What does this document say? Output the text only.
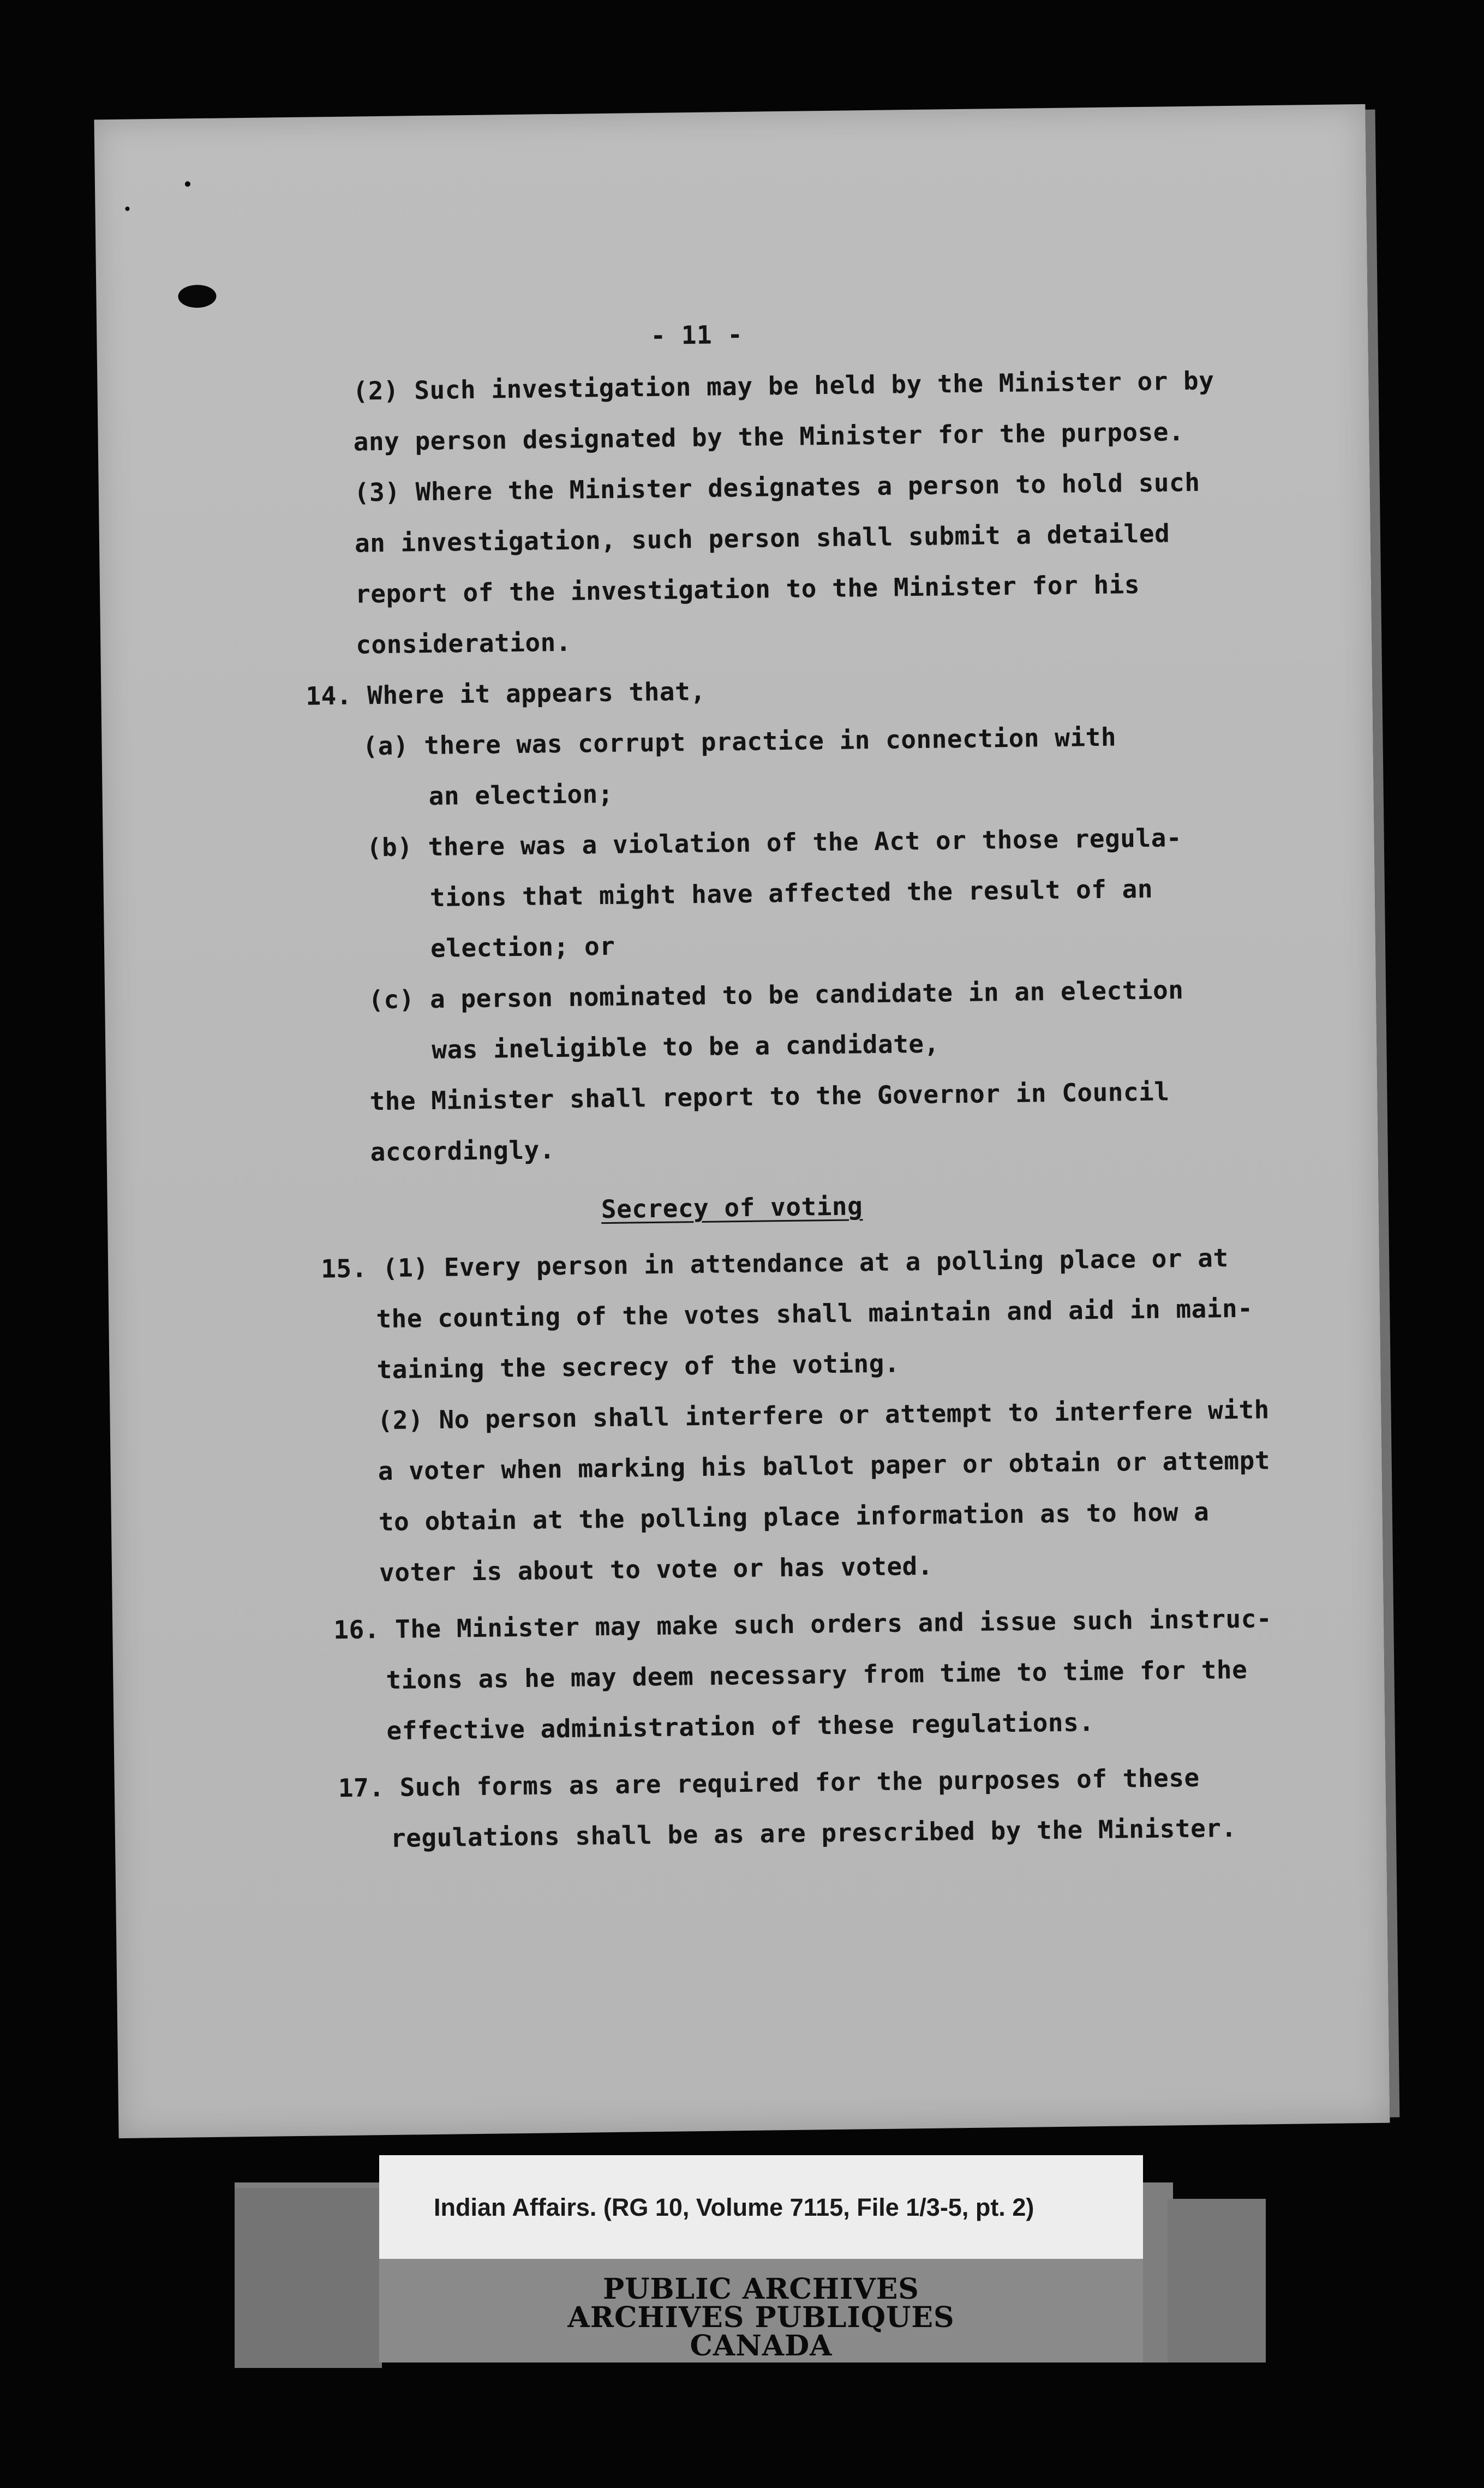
- 11 -
(2) Such investigation may be held by the Minister or by
any person designated by the Minister for the purpose.
(3) Where the Minister designates a person to hold such
an investigation, such person shall submit a detailed
report of the investigation to the Minister for his
consideration.
14. Where it appears that,
(a) there was corrupt practice in connection with
an election;
(b) there was a violation of the Act or those regula-
tions that might have affected the result of an
election; or
(c) a person nominated to be candidate in an election
was ineligible to be a candidate,
the Minister shall report to the Governor in Council
accordingly.
Secrecy of voting
15. (1) Every person in attendance at a polling place or at
the counting of the votes shall maintain and aid in main-
taining the secrecy of the voting.
(2) No person shall interfere or attempt to interfere with
a voter when marking his ballot paper or obtain or attempt
to obtain at the polling place information as to how a
voter is about to vote or has voted.
16. The Minister may make such orders and issue such instruc-
tions as he may deem necessary from time to time for the
effective administration of these regulations.
17. Such forms as are required for the purposes of these
regulations shall be as are prescribed by the Minister.
Indian Affairs. (RG 10, Volume 7115, File 1/3-5, pt. 2)
PUBLIC ARCHIVES
ARCHIVES PUBLIQUES
CANADA
